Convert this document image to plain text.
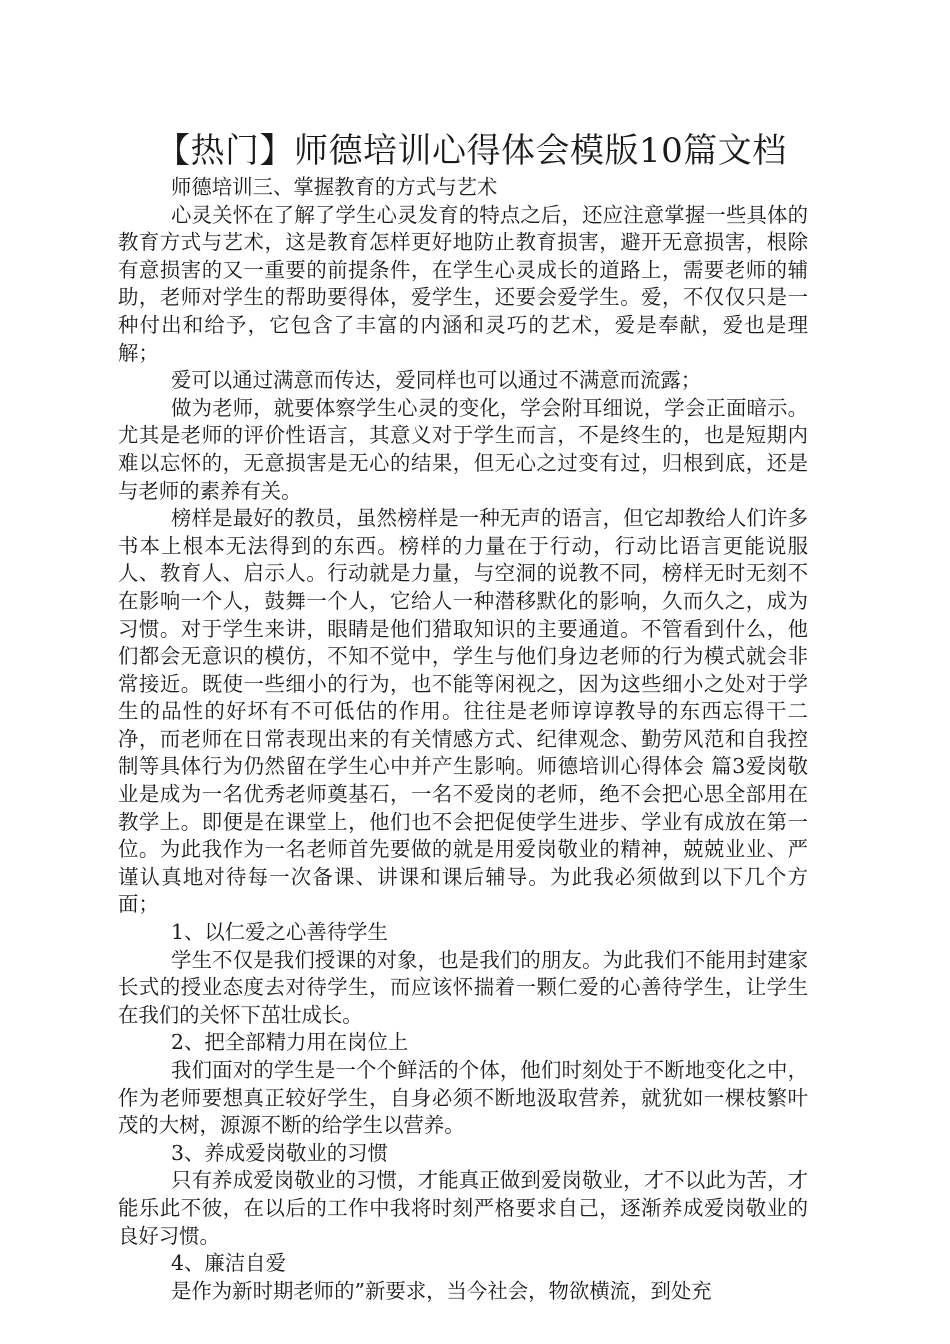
【热门】师德培训心得体会模版10篇文档

师德培训三、掌握教育的方式与艺术

心灵关怀在了解了学生心灵发育的特点之后，还应注意掌握一些具体的教育方式与艺术，这是教育怎样更好地防止教育损害，避开无意损害，根除有意损害的又一重要的前提条件，在学生心灵成长的道路上，需要老师的辅助，老师对学生的帮助要得体，爱学生，还要会爱学生。爱，不仅仅只是一种付出和给予，它包含了丰富的内涵和灵巧的艺术，爱是奉献，爱也是理解；

爱可以通过满意而传达，爱同样也可以通过不满意而流露；

做为老师，就要体察学生心灵的变化，学会附耳细说，学会正面暗示。尤其是老师的评价性语言，其意义对于学生而言，不是终生的，也是短期内难以忘怀的，无意损害是无心的结果，但无心之过变有过，归根到底，还是与老师的素养有关。

榜样是最好的教员，虽然榜样是一种无声的语言，但它却教给人们许多书本上根本无法得到的东西。榜样的力量在于行动，行动比语言更能说服人、教育人、启示人。行动就是力量，与空洞的说教不同，榜样无时无刻不在影响一个人，鼓舞一个人，它给人一种潜移默化的影响，久而久之，成为习惯。对于学生来讲，眼睛是他们猎取知识的主要通道。不管看到什么，他们都会无意识的模仿，不知不觉中，学生与他们身边老师的行为模式就会非常接近。既使一些细小的行为，也不能等闲视之，因为这些细小之处对于学生的品性的好坏有不可低估的作用。往往是老师谆谆教导的东西忘得干二净，而老师在日常表现出来的有关情感方式、纪律观念、勤劳风范和自我控制等具体行为仍然留在学生心中并产生影响。师德培训心得体会 篇3爱岗敬业是成为一名优秀老师奠基石，一名不爱岗的老师，绝不会把心思全部用在教学上。即便是在课堂上，他们也不会把促使学生进步、学业有成放在第一位。为此我作为一名老师首先要做的就是用爱岗敬业的精神，兢兢业业、严谨认真地对待每一次备课、讲课和课后辅导。为此我必须做到以下几个方面；

1、以仁爱之心善待学生

学生不仅是我们授课的对象，也是我们的朋友。为此我们不能用封建家长式的授业态度去对待学生，而应该怀揣着一颗仁爱的心善待学生，让学生在我们的关怀下茁壮成长。

2、把全部精力用在岗位上

我们面对的学生是一个个鲜活的个体，他们时刻处于不断地变化之中，作为老师要想真正较好学生，自身必须不断地汲取营养，就犹如一棵枝繁叶茂的大树，源源不断的给学生以营养。

3、养成爱岗敬业的习惯

只有养成爱岗敬业的习惯，才能真正做到爱岗敬业，才不以此为苦，才能乐此不彼，在以后的工作中我将时刻严格要求自己，逐渐养成爱岗敬业的良好习惯。

4、廉洁自爱

是作为新时期老师的”新要求，当今社会，物欲横流，到处充
